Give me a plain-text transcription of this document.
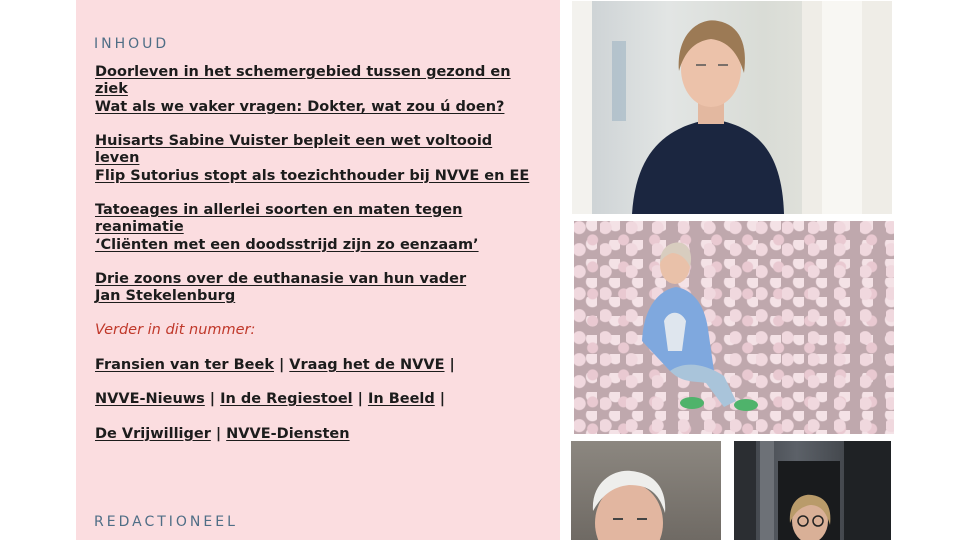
INHOUD
Doorleven in het schemergebied tussen gezond en ziek
Wat als we vaker vragen: Dokter, wat zou ú doen?
Huisarts Sabine Vuister bepleit een wet voltooid leven
Flip Sutorius stopt als toezichthouder bij NVVE en EE
Tatoeages in allerlei soorten en maten tegen reanimatie
‘Cliënten met een doodsstrijd zijn zo eenzaam’
Drie zoons over de euthanasie van hun vader Jan Stekelenburg
Verder in dit nummer:
Fransien van ter Beek | Vraag het de NVVE |
NVVE-Nieuws | In de Regiestoel | In Beeld |
De Vrijwilliger | NVVE-Diensten
REDACTIONEEL
